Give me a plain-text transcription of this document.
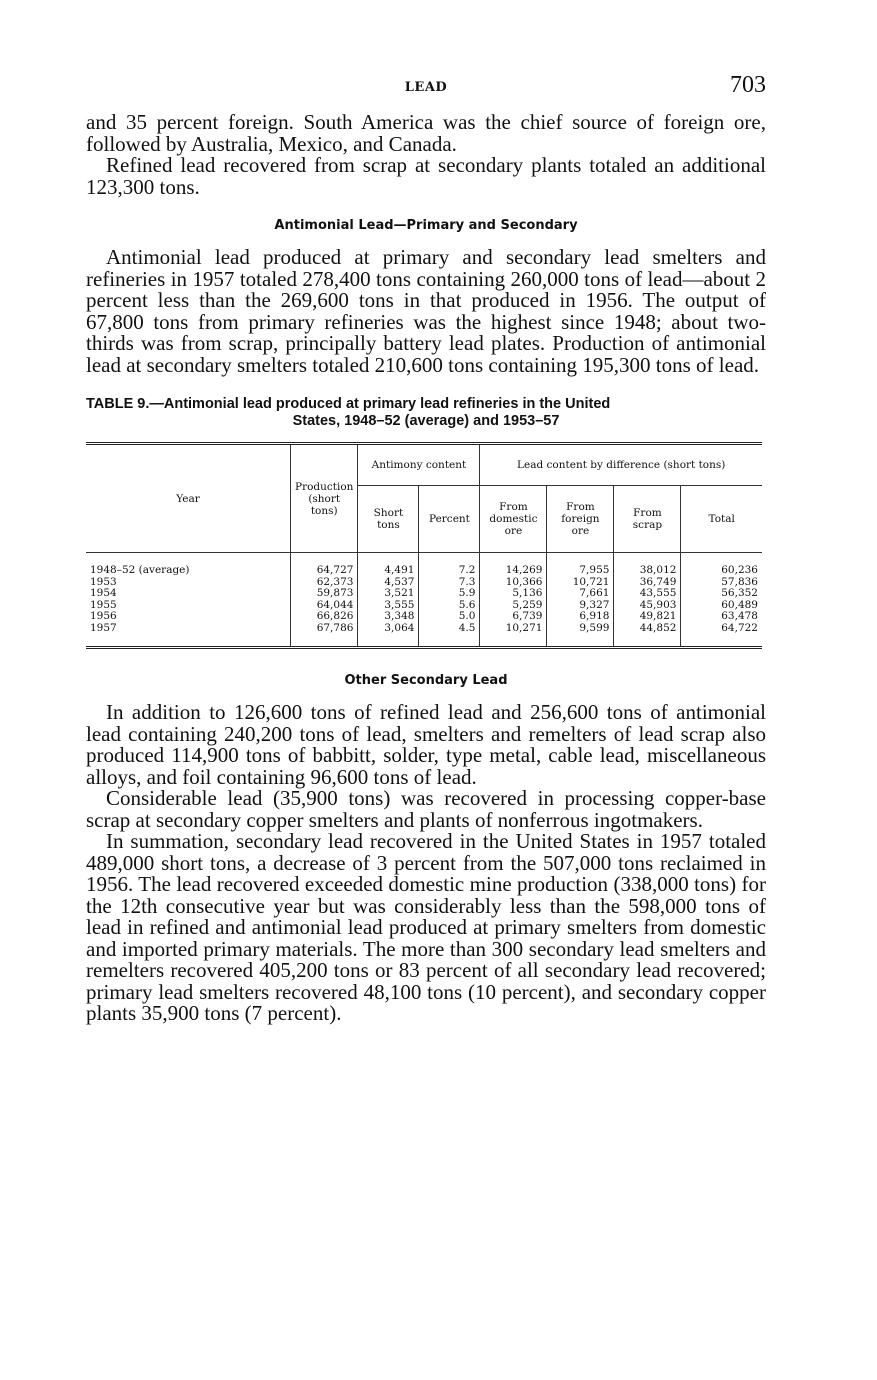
LEAD	703

and 35 percent foreign. South America was the chief source of foreign ore, followed by Australia, Mexico, and Canada.

Refined lead recovered from scrap at secondary plants totaled an additional 123,300 tons.

Antimonial Lead—Primary and Secondary

Antimonial lead produced at primary and secondary lead smelters and refineries in 1957 totaled 278,400 tons containing 260,000 tons of lead—about 2 percent less than the 269,600 tons in that produced in 1956. The output of 67,800 tons from primary refineries was the highest since 1948; about two-thirds was from scrap, principally battery lead plates. Production of antimonial lead at secondary smelters totaled 210,600 tons containing 195,300 tons of lead.

TABLE 9.—Antimonial lead produced at primary lead refineries in the United
States, 1948–52 (average) and 1953–57
Year	Production (short tons)	Antimony content		Lead content by difference (short tons)			
		Short tons	Percent	From domestic ore	From foreign ore	From scrap	Total
1948–52 (average)	64,727	4,491	7.2	14,269	7,955	38,012	60,236
1953	62,373	4,537	7.3	10,366	10,721	36,749	57,836
1954	59,873	3,521	5.9	5,136	7,661	43,555	56,352
1955	64,044	3,555	5.6	5,259	9,327	45,903	60,489
1956	66,826	3,348	5.0	6,739	6,918	49,821	63,478
1957	67,786	3,064	4.5	10,271	9,599	44,852	64,722
Other Secondary Lead

In addition to 126,600 tons of refined lead and 256,600 tons of antimonial lead containing 240,200 tons of lead, smelters and remelters of lead scrap also produced 114,900 tons of babbitt, solder, type metal, cable lead, miscellaneous alloys, and foil containing 96,600 tons of lead.

Considerable lead (35,900 tons) was recovered in processing copper-base scrap at secondary copper smelters and plants of nonferrous ingotmakers.

In summation, secondary lead recovered in the United States in 1957 totaled 489,000 short tons, a decrease of 3 percent from the 507,000 tons reclaimed in 1956. The lead recovered exceeded domestic mine production (338,000 tons) for the 12th consecutive year but was considerably less than the 598,000 tons of lead in refined and antimonial lead produced at primary smelters from domestic and imported primary materials. The more than 300 secondary lead smelters and remelters recovered 405,200 tons or 83 percent of all secondary lead recovered; primary lead smelters recovered 48,100 tons (10 percent), and secondary copper plants 35,900 tons (7 percent).
